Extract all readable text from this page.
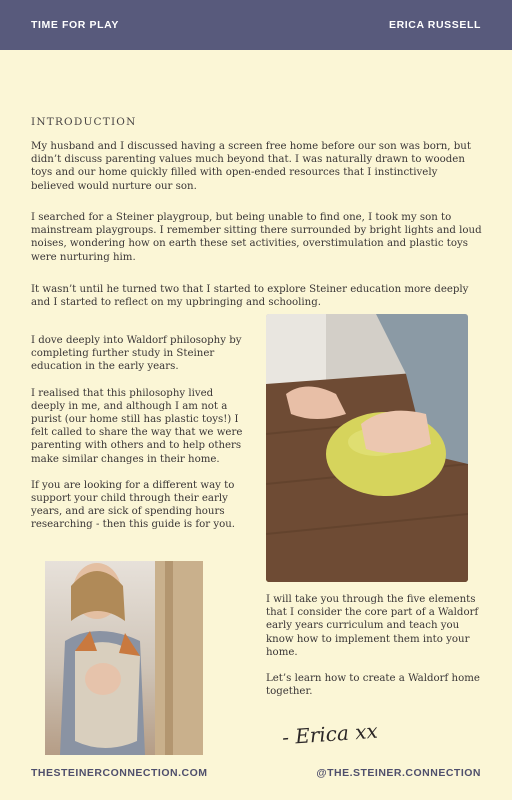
TIME FOR PLAY	ERICA RUSSELL
INTRODUCTION

My husband and I discussed having a screen free home before our son was born, but didn’t discuss parenting values much beyond that. I was naturally drawn to wooden toys and our home quickly filled with open-ended resources that I instinctively believed would nurture our son.

I searched for a Steiner playgroup, but being unable to find one, I took my son to mainstream playgroups. I remember sitting there surrounded by bright lights and loud noises, wondering how on earth these set activities, overstimulation and plastic toys were nurturing him.

It wasn’t until he turned two that I started to explore Steiner education more deeply and I started to reflect on my upbringing and schooling.

I dove deeply into Waldorf philosophy by completing further study in Steiner education in the early years.

I realised that this philosophy lived deeply in me, and although I am not a purist (our home still has plastic toys!) I felt called to share the way that we were parenting with others and to help others make similar changes in their home.

If you are looking for a different way to support your child through their early years, and are sick of spending hours researching - then this guide is for you.

I will take you through the five elements that I consider the core part of a Waldorf early years curriculum and teach you know how to implement them into your home.

Let’s learn how to create a Waldorf home together.

- Erica xx
THESTEINERCONNECTION.COM	@THE.STEINER.CONNECTION
